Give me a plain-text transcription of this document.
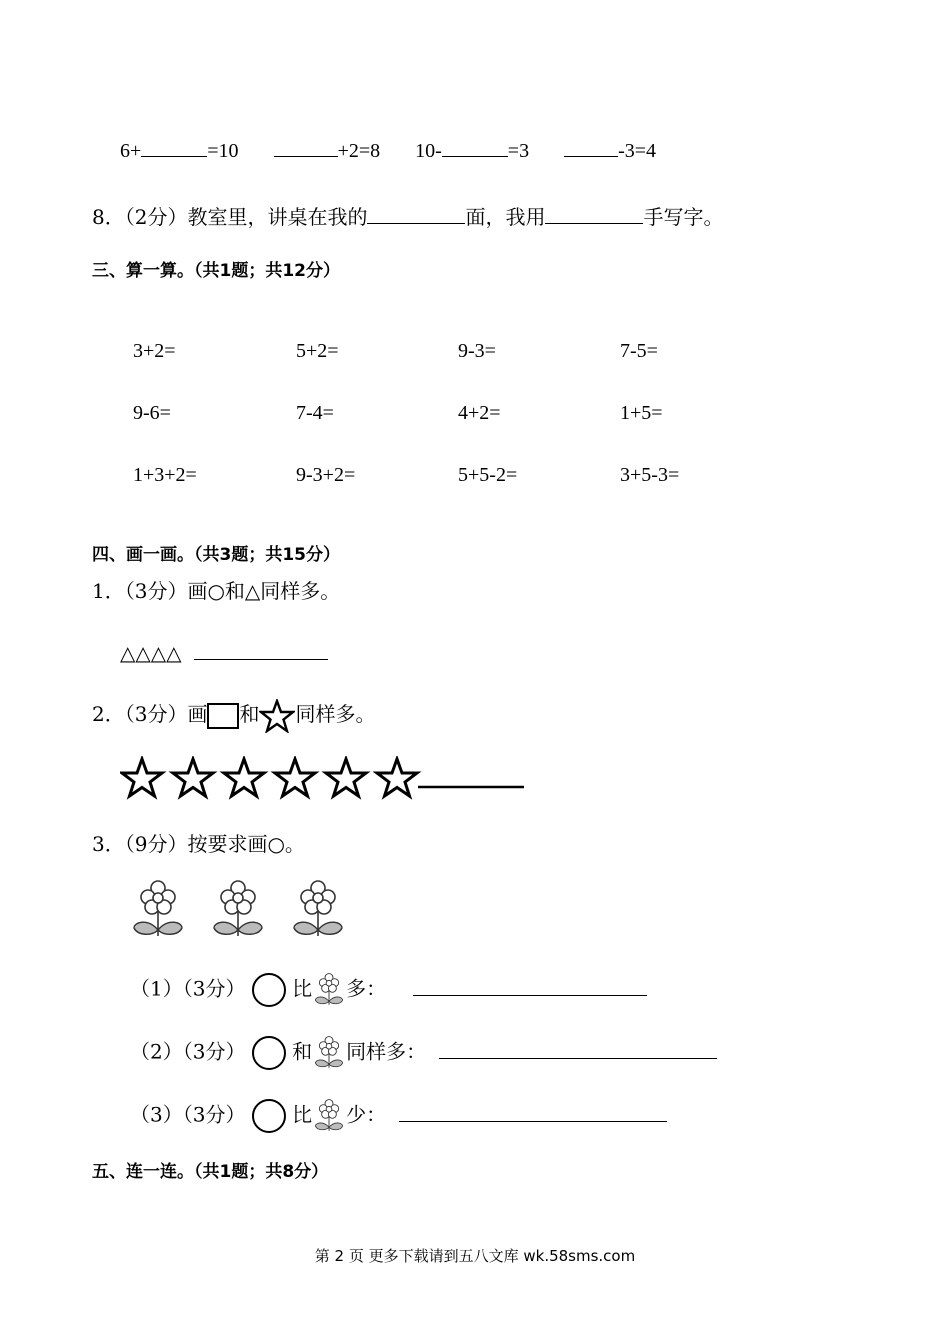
6+	=10	+2=8 10-	=3	-3=4
8．（2分）教室里，讲桌在我的	面，我用	手写字。
三、算一算。（共1题；共12分）
3+2=	5+2=	9-3=	7-5=
9-6=	7-4=	4+2=	1+5=
1+3+2=	9-3+2=	5+5-2=	3+5-3=
四、画一画。（共3题；共15分）
1．（3分）画○和△同样多。
△△△△
2．（3分）画 和 同样多。
3．（9分）按要求画○。
（1）（3分） 比 多：
（2）（3分） 和 同样多：
（3）（3分） 比 少：
五、连一连。（共1题；共8分）
第 2 页 更多下载请到五八文库 wk.58sms.com
